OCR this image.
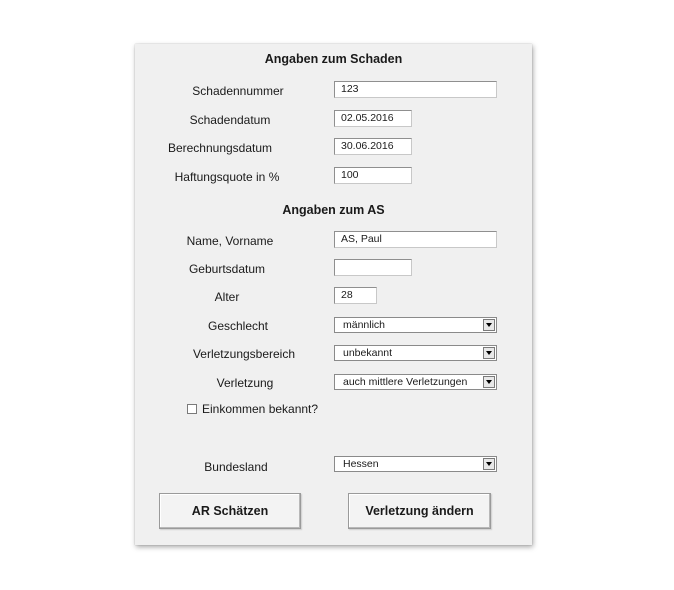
Angaben zum Schaden
Schadennummer	123
Schadendatum	02.05.2016
Berechnungsdatum	30.06.2016
Haftungsquote in %	100
Angaben zum AS
Name, Vorname	AS, Paul
Geburtsdatum
Alter	28
Geschlecht	männlich
Verletzungsbereich	unbekannt
Verletzung	auch mittlere Verletzungen
Einkommen bekannt?
Bundesland	Hessen
AR Schätzen	Verletzung ändern
